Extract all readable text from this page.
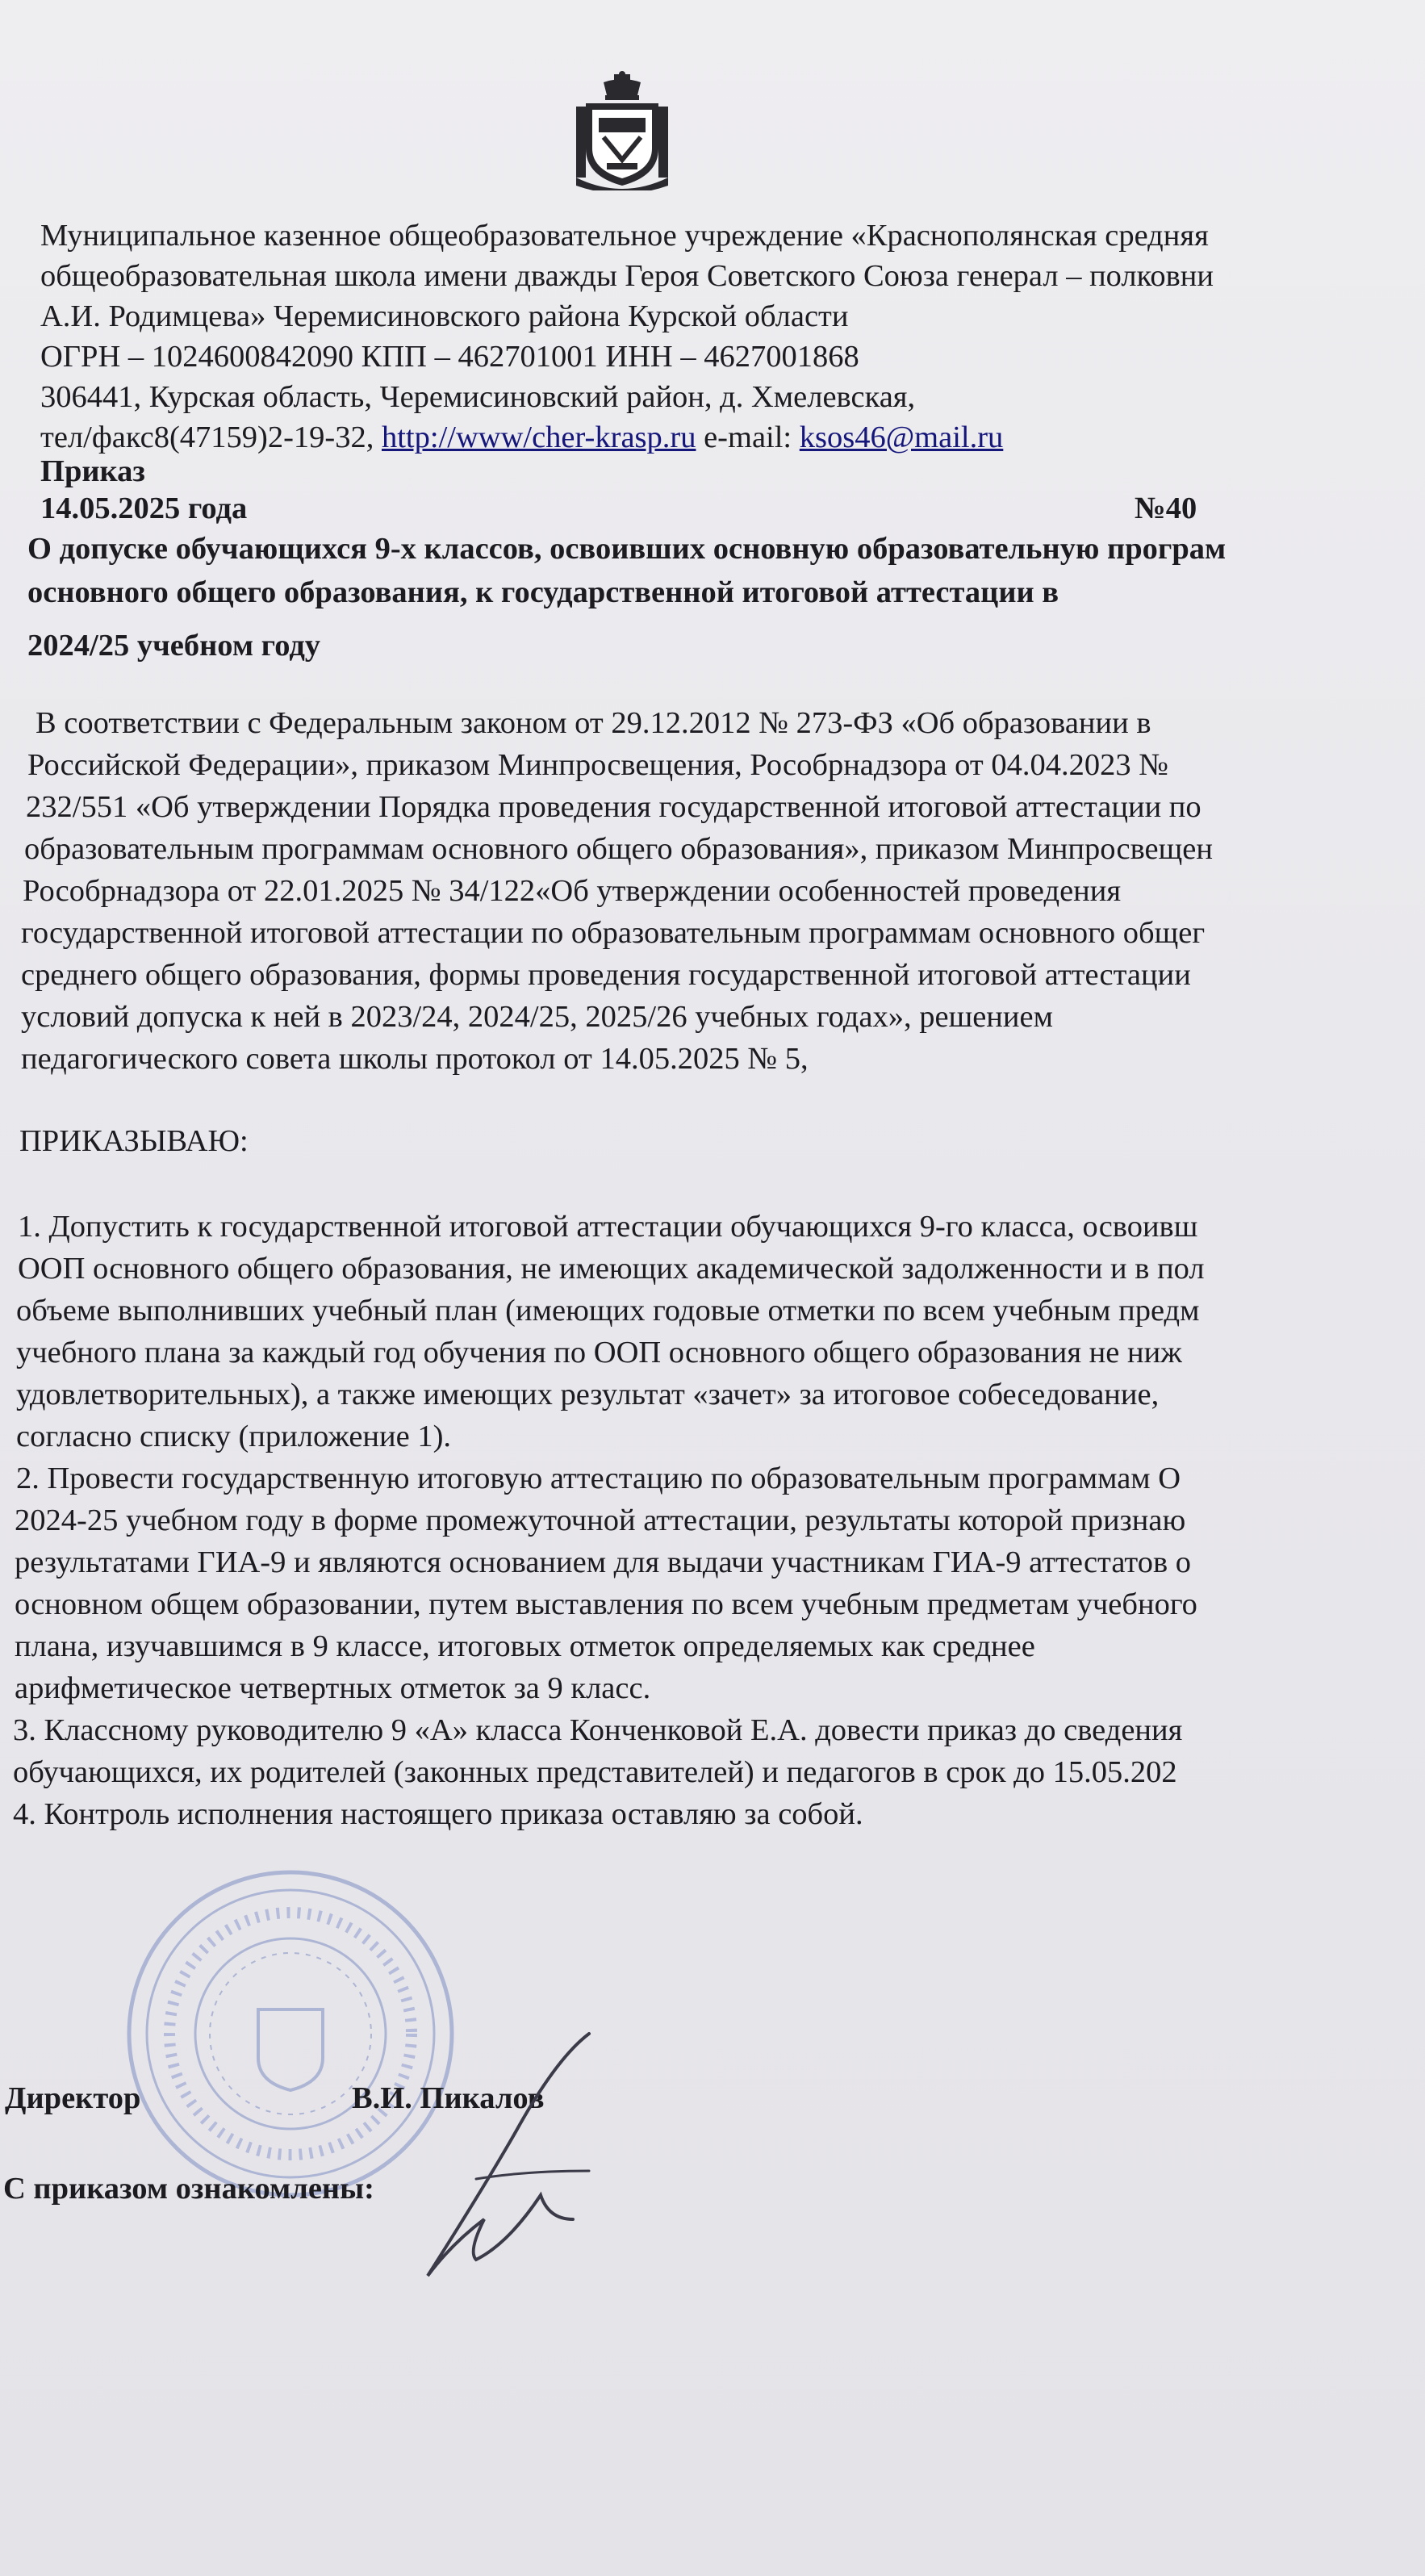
Муниципальное казенное общеобразовательное учреждение «Краснополянская средняя
общеобразовательная школа имени дважды Героя Советского Союза генерал – полковни
А.И. Родимцева» Черемисиновского района Курской области
ОГРН – 1024600842090 КПП – 462701001 ИНН – 4627001868
306441, Курская область, Черемисиновский район, д. Хмелевская,
тел/факс8(47159)2-19-32, http://www/cher-krasp.ru e-mail: ksos46@mail.ru
Приказ
14.05.2025 года	№40
О допуске обучающихся 9-х классов, освоивших основную образовательную програм
основного общего образования, к государственной итоговой аттестации в
2024/25 учебном году
В соответствии с Федеральным законом от 29.12.2012 № 273-ФЗ «Об образовании в
Российской Федерации», приказом Минпросвещения, Рособрнадзора от 04.04.2023 №
232/551 «Об утверждении Порядка проведения государственной итоговой аттестации по
образовательным программам основного общего образования», приказом Минпросвещен
Рособрнадзора от 22.01.2025 № 34/122«Об утверждении особенностей проведения
государственной итоговой аттестации по образовательным программам основного общег
среднего общего образования, формы проведения государственной итоговой аттестации
условий допуска к ней в 2023/24, 2024/25, 2025/26 учебных годах», решением
педагогического совета школы протокол от 14.05.2025 № 5,
ПРИКАЗЫВАЮ:
1. Допустить к государственной итоговой аттестации обучающихся 9-го класса, освоивш
ООП основного общего образования, не имеющих академической задолженности и в пол
объеме выполнивших учебный план (имеющих годовые отметки по всем учебным предм
учебного плана за каждый год обучения по ООП основного общего образования не ниж
удовлетворительных), а также имеющих результат «зачет» за итоговое собеседование,
согласно списку (приложение 1).
2. Провести государственную итоговую аттестацию по образовательным программам О
2024-25 учебном году в форме промежуточной аттестации, результаты которой признаю
результатами ГИА-9 и являются основанием для выдачи участникам ГИА-9 аттестатов о
основном общем образовании, путем выставления по всем учебным предметам учебного
плана, изучавшимся в 9 классе, итоговых отметок определяемых как среднее
арифметическое четвертных отметок за 9 класс.
3. Классному руководителю 9 «А» класса Конченковой Е.А. довести приказ до сведения
обучающихся, их родителей (законных представителей) и педагогов в срок до 15.05.202
4. Контроль исполнения настоящего приказа оставляю за собой.
Директор	В.И. Пикалов
С приказом ознакомлены:
